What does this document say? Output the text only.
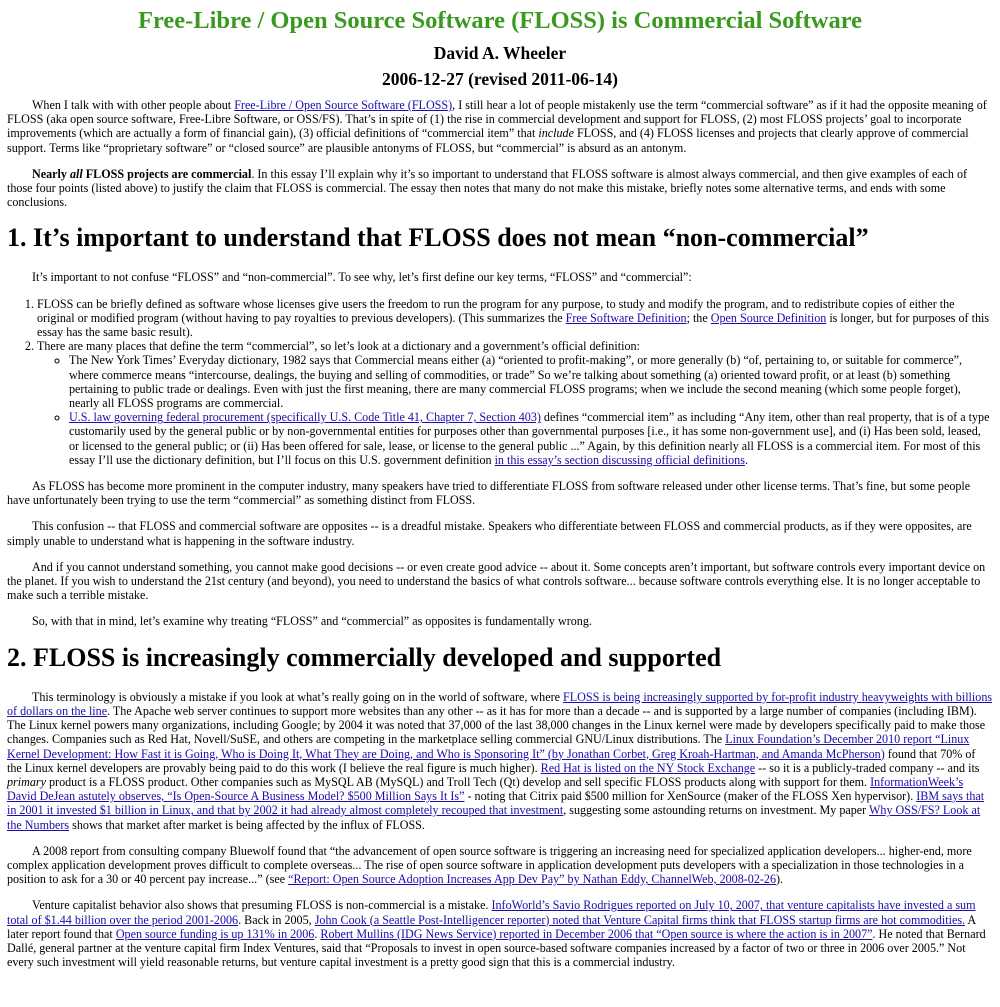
Free-Libre / Open Source Software (FLOSS) is Commercial Software
David A. Wheeler
2006-12-27 (revised 2011-06-14)

When I talk with with other people about Free-Libre / Open Source Software (FLOSS), I still hear a lot of people mistakenly use the term “commercial software” as if it had the opposite meaning of FLOSS (aka open source software, Free-Libre Software, or OSS/FS). That’s in spite of (1) the rise in commercial development and support for FLOSS, (2) most FLOSS projects’ goal to incorporate improvements (which are actually a form of financial gain), (3) official definitions of “commercial item” that include FLOSS, and (4) FLOSS licenses and projects that clearly approve of commercial support. Terms like “proprietary software” or “closed source” are plausible antonyms of FLOSS, but “commercial” is absurd as an antonym.

Nearly all FLOSS projects are commercial. In this essay I’ll explain why it’s so important to understand that FLOSS software is almost always commercial, and then give examples of each of those four points (listed above) to justify the claim that FLOSS is commercial. The essay then notes that many do not make this mistake, briefly notes some alternative terms, and ends with some conclusions.

1. It’s important to understand that FLOSS does not mean “non-commercial”

It’s important to not confuse “FLOSS” and “non-commercial”. To see why, let’s first define our key terms, “FLOSS” and “commercial”:

1. FLOSS can be briefly defined as software whose licenses give users the freedom to run the program for any purpose, to study and modify the program, and to redistribute copies of either the original or modified program (without having to pay royalties to previous developers). (This summarizes the Free Software Definition; the Open Source Definition is longer, but for purposes of this essay has the same basic result).
2. There are many places that define the term “commercial”, so let’s look at a dictionary and a government’s official definition:
◦ The New York Times’ Everyday dictionary, 1982 says that Commercial means either (a) “oriented to profit-making”, or more generally (b) “of, pertaining to, or suitable for commerce”, where commerce means “intercourse, dealings, the buying and selling of commodities, or trade” So we’re talking about something (a) oriented toward profit, or at least (b) something pertaining to public trade or dealings. Even with just the first meaning, there are many commercial FLOSS programs; when we include the second meaning (which some people forget), nearly all FLOSS programs are commercial.
◦ U.S. law governing federal procurement (specifically U.S. Code Title 41, Chapter 7, Section 403) defines “commercial item” as including “Any item, other than real property, that is of a type customarily used by the general public or by non-governmental entities for purposes other than governmental purposes [i.e., it has some non-government use], and (i) Has been sold, leased, or licensed to the general public; or (ii) Has been offered for sale, lease, or license to the general public ...” Again, by this definition nearly all FLOSS is a commercial item. For most of this essay I’ll use the dictionary definition, but I’ll focus on this U.S. government definition in this essay’s section discussing official definitions.

As FLOSS has become more prominent in the computer industry, many speakers have tried to differentiate FLOSS from software released under other license terms. That’s fine, but some people have unfortunately been trying to use the term “commercial” as something distinct from FLOSS.

This confusion -- that FLOSS and commercial software are opposites -- is a dreadful mistake. Speakers who differentiate between FLOSS and commercial products, as if they were opposites, are simply unable to understand what is happening in the software industry.

And if you cannot understand something, you cannot make good decisions -- or even create good advice -- about it. Some concepts aren’t important, but software controls every important device on the planet. If you wish to understand the 21st century (and beyond), you need to understand the basics of what controls software... because software controls everything else. It is no longer acceptable to make such a terrible mistake.

So, with that in mind, let’s examine why treating “FLOSS” and “commercial” as opposites is fundamentally wrong.

2. FLOSS is increasingly commercially developed and supported

This terminology is obviously a mistake if you look at what’s really going on in the world of software, where FLOSS is being increasingly supported by for-profit industry heavyweights with billions of dollars on the line. The Apache web server continues to support more websites than any other -- as it has for more than a decade -- and is supported by a large number of companies (including IBM). The Linux kernel powers many organizations, including Google; by 2004 it was noted that 37,000 of the last 38,000 changes in the Linux kernel were made by developers specifically paid to make those changes. Companies such as Red Hat, Novell/SuSE, and others are competing in the marketplace selling commercial GNU/Linux distributions. The Linux Foundation’s December 2010 report “Linux Kernel Development: How Fast it is Going, Who is Doing It, What They are Doing, and Who is Sponsoring It” (by Jonathan Corbet, Greg Kroah-Hartman, and Amanda McPherson) found that 70% of the Linux kernel developers are provably being paid to do this work (I believe the real figure is much higher). Red Hat is listed on the NY Stock Exchange -- so it is a publicly-traded company -- and its primary product is a FLOSS product. Other companies such as MySQL AB (MySQL) and Troll Tech (Qt) develop and sell specific FLOSS products along with support for them. InformationWeek’s David DeJean astutely observes, “Is Open-Source A Business Model? $500 Million Says It Is” - noting that Citrix paid $500 million for XenSource (maker of the FLOSS Xen hypervisor). IBM says that in 2001 it invested $1 billion in Linux, and that by 2002 it had already almost completely recouped that investment, suggesting some astounding returns on investment. My paper Why OSS/FS? Look at the Numbers shows that market after market is being affected by the influx of FLOSS.

A 2008 report from consulting company Bluewolf found that “the advancement of open source software is triggering an increasing need for specialized application developers... higher-end, more complex application development proves difficult to complete overseas... The rise of open source software in application development puts developers with a specialization in those technologies in a position to ask for a 30 or 40 percent pay increase...” (see “Report: Open Source Adoption Increases App Dev Pay” by Nathan Eddy, ChannelWeb, 2008-02-26).

Venture capitalist behavior also shows that presuming FLOSS is non-commercial is a mistake. InfoWorld’s Savio Rodrigues reported on July 10, 2007, that venture capitalists have invested a sum total of $1.44 billion over the period 2001-2006. Back in 2005, John Cook (a Seattle Post-Intelligencer reporter) noted that Venture Capital firms think that FLOSS startup firms are hot commodities. A later report found that Open source funding is up 131% in 2006. Robert Mullins (IDG News Service) reported in December 2006 that “Open source is where the action is in 2007”. He noted that Bernard Dallé, general partner at the venture capital firm Index Ventures, said that “Proposals to invest in open source-based software companies increased by a factor of two or three in 2006 over 2005.” Not every such investment will yield reasonable returns, but venture capital investment is a pretty good sign that this is a commercial industry.
